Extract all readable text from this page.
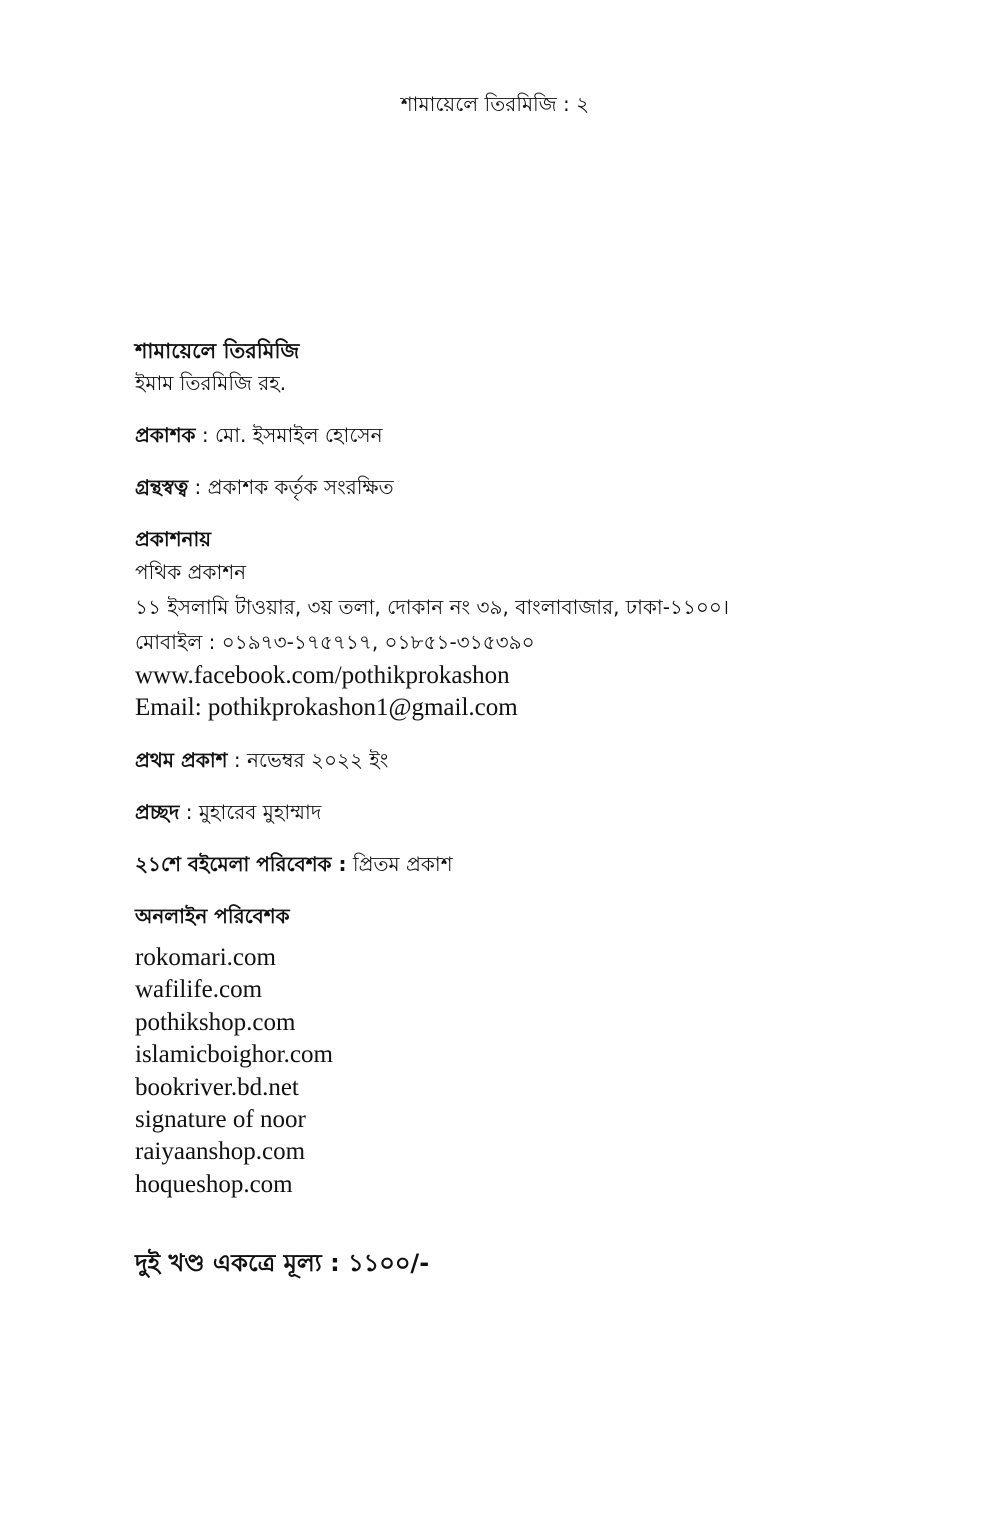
শামায়েলে তিরমিজি : ২
শামায়েলে তিরমিজি
ইমাম তিরমিজি রহ.
প্রকাশক : মো. ইসমাইল হোসেন
গ্রন্থস্বত্ব : প্রকাশক কর্তৃক সংরক্ষিত
প্রকাশনায়
পথিক প্রকাশন
১১ ইসলামি টাওয়ার, ৩য় তলা, দোকান নং ৩৯, বাংলাবাজার, ঢাকা-১১০০।
মোবাইল : ০১৯৭৩-১৭৫৭১৭, ০১৮৫১-৩১৫৩৯০
www.facebook.com/pothikprokashon
Email: pothikprokashon1@gmail.com
প্রথম প্রকাশ : নভেম্বর ২০২২ ইং
প্রচ্ছদ : মুহারেব মুহাম্মাদ
২১শে বইমেলা পরিবেশক : প্রিতম প্রকাশ
অনলাইন পরিবেশক
rokomari.com
wafilife.com
pothikshop.com
islamicboighor.com
bookriver.bd.net
signature of noor
raiyaanshop.com
hoqueshop.com
দুই খণ্ড একত্রে মূল্য : ১১০০/-
